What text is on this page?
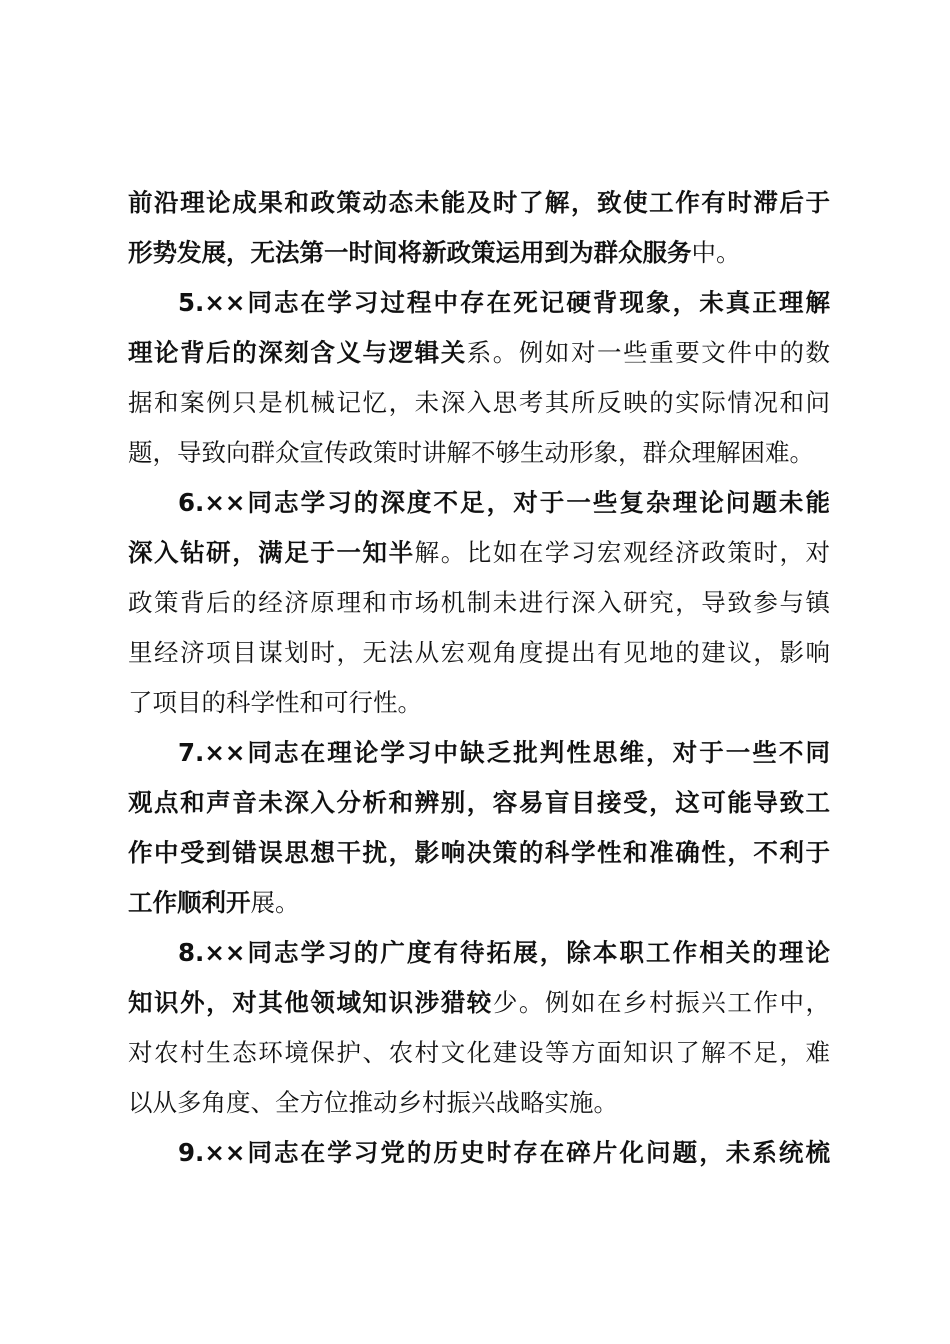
前沿理论成果和政策动态未能及时了解，致使工作有时滞后于
形势发展，无法第一时间将新政策运用到为群众服务中。
5.××同志在学习过程中存在死记硬背现象，未真正理解
理论背后的深刻含义与逻辑关系。例如对一些重要文件中的数
据和案例只是机械记忆，未深入思考其所反映的实际情况和问
题，导致向群众宣传政策时讲解不够生动形象，群众理解困难。
6.××同志学习的深度不足，对于一些复杂理论问题未能
深入钻研，满足于一知半解。比如在学习宏观经济政策时，对
政策背后的经济原理和市场机制未进行深入研究，导致参与镇
里经济项目谋划时，无法从宏观角度提出有见地的建议，影响
了项目的科学性和可行性。
7.××同志在理论学习中缺乏批判性思维，对于一些不同
观点和声音未深入分析和辨别，容易盲目接受，这可能导致工
作中受到错误思想干扰，影响决策的科学性和准确性，不利于
工作顺利开展。
8.××同志学习的广度有待拓展，除本职工作相关的理论
知识外，对其他领域知识涉猎较少。例如在乡村振兴工作中，
对农村生态环境保护、农村文化建设等方面知识了解不足，难
以从多角度、全方位推动乡村振兴战略实施。
9.××同志在学习党的历史时存在碎片化问题，未系统梳
